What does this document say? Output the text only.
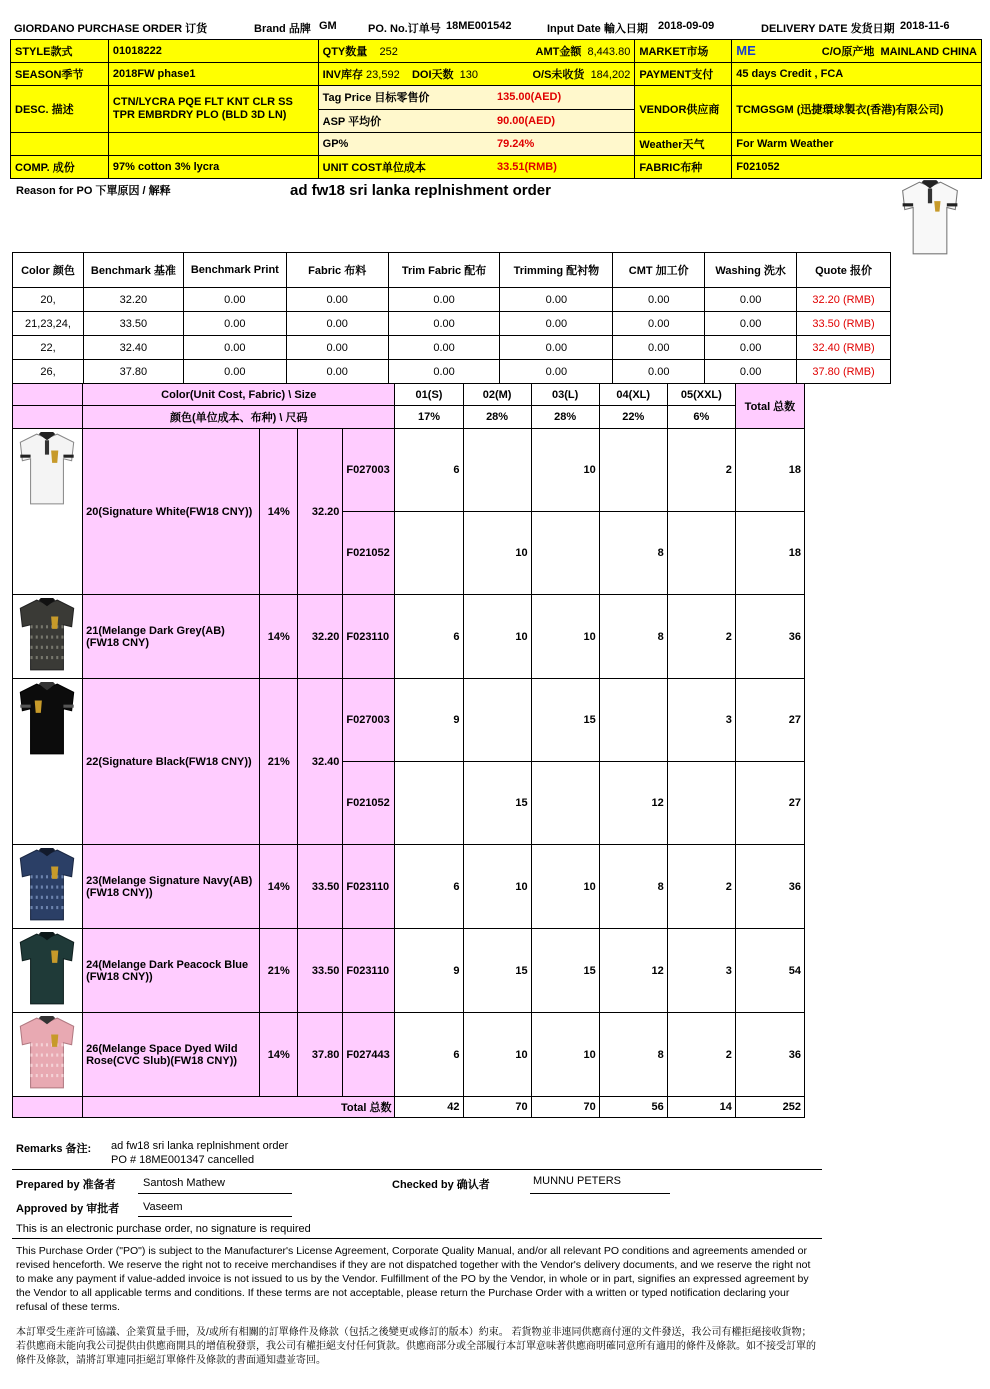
GIORDANO PURCHASE ORDER 订货	Brand 品牌 GM	PO. No.订单号 18ME001542	Input Date 輸入日期 2018-09-09	DELIVERY DATE 发货日期 2018-11-6
STYLE款式	01018222	QTY数量 252	AMT金额 8,443.80	MARKET市场	ME C/O原产地 MAINLAND CHINA

SEASON季节	2018FW phase1	INV库存 23,592 DOI天数 130	O/S未收货 184,202	PAYMENT支付	45 days Credit , FCA
DESC. 描述	CTN/LYCRA PQE FLT KNT CLR SS TPR EMBRDRY PLO (BLD 3D LN)	Tag Price 目标零售价	135.00(AED)	VENDOR供应商	TCMGSGM (迅捷環球製衣(香港)有限公司)
		ASP 平均价	90.00(AED)		
		GP%	79.24%	Weather天气	For Warm Weather
COMP. 成份	97% cotton 3% lycra	UNIT COST单位成本	33.51(RMB)	FABRIC布种	F021052
Reason for PO 下單原因 / 解释	ad fw18 sri lanka replnishment order
Color 颜色	Benchmark 基准	Benchmark Print	Fabric 布料	Trim Fabric 配布	Trimming 配衬物	CMT 加工价	Washing 洗水	Quote 报价
20,	32.20	0.00	0.00	0.00	0.00	0.00	0.00	32.20 (RMB)
21,23,24,	33.50	0.00	0.00	0.00	0.00	0.00	0.00	33.50 (RMB)
22,	32.40	0.00	0.00	0.00	0.00	0.00	0.00	32.40 (RMB)
26,	37.80	0.00	0.00	0.00	0.00	0.00	0.00	37.80 (RMB)
	Color(Unit Cost, Fabric) \ Size				01(S)	02(M)	03(L)	04(XL)	05(XXL)	Total 总数
	颜色(单位成本、布种) \ 尺码				17%	28%	28%	22%	6%	
	20(Signature White(FW18 CNY))	14%	32.20	F027003	6		10		2	18
				F021052		10		8		18
	21(Melange Dark Grey(AB) (FW18 CNY)	14%	32.20	F023110	6	10	10	8	2	36
	22(Signature Black(FW18 CNY))	21%	32.40	F027003	9		15		3	27
				F021052		15		12		27
	23(Melange Signature Navy(AB) (FW18 CNY))	14%	33.50	F023110	6	10	10	8	2	36
	24(Melange Dark Peacock Blue (FW18 CNY))	21%	33.50	F023110	9	15	15	12	3	54
	26(Melange Space Dyed Wild Rose(CVC Slub)(FW18 CNY))	14%	37.80	F027443	6	10	10	8	2	36
	Total 总数				42	70	70	56	14	252
Remarks 备注: ad fw18 sri lanka replnishment order
PO # 18ME001347 cancelled
Prepared by 准备者 Santosh Mathew	Checked by 确认者	MUNNU PETERS
Approved by 审批者 Vaseem
This is an electronic purchase order, no signature is required
This Purchase Order ("PO") is subject to the Manufacturer's License Agreement, Corporate Quality Manual, and/or all relevant PO conditions and agreements amended or revised henceforth. We reserve the right not to receive merchandises if they are not dispatched together with the Vendor's delivery documents, and we reserve the right not to make any payment if value-added invoice is not issued to us by the Vendor. Fulfillment of the PO by the Vendor, in whole or in part, signifies an expressed agreement by the Vendor to all applicable terms and conditions. If these terms are not acceptable, please return the Purchase Order with a written or typed notification declaring your refusal of these terms.
本訂單受生產許可協議、企業質量手冊，及/或所有相關的訂單條件及條款（包括之後變更或修訂的版本）約束。 若貨物並非連同供應商付運的文件發送，我公司有權拒絕接收貨物；若供應商未能向我公司提供由供應商開具的增值稅發票，我公司有權拒絕支付任何貨款。供應商部分或全部履行本訂單意味著供應商明確同意所有適用的條件及條款。如不接受訂單的條件及條款，請將訂單連同拒絕訂單條件及條款的書面通知盡並寄回。
